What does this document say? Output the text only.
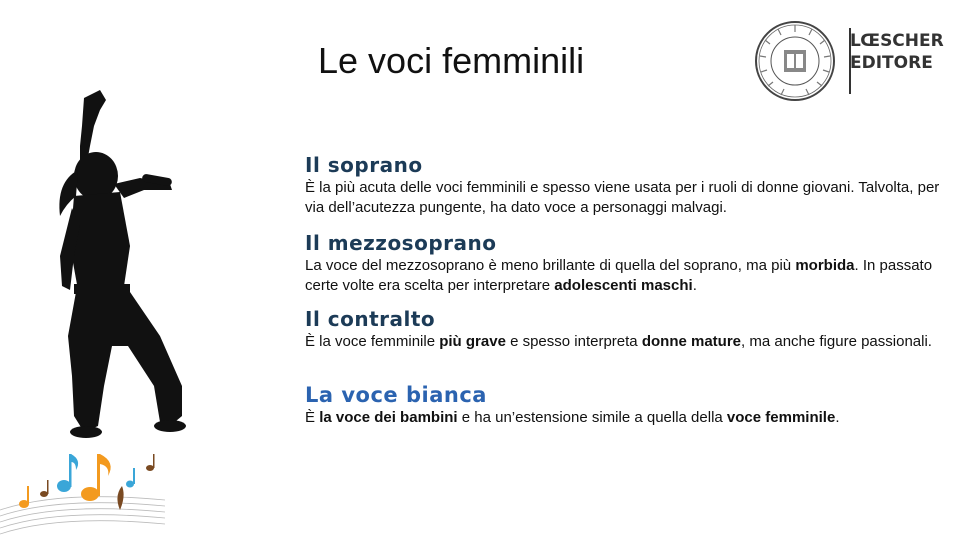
Le voci femminili	LŒSCHER
EDITORE
Il soprano

È la più acuta delle voci femminili e spesso viene usata per i ruoli di donne giovani. Talvolta, per via dell’acutezza pungente, ha dato voce a personaggi malvagi.

Il mezzosoprano

La voce del mezzosoprano è meno brillante di quella del soprano, ma più morbida. In passato certe volte era scelta per interpretare adolescenti maschi.

Il contralto

È la voce femminile più grave e spesso interpreta donne mature, ma anche figure passionali.

La voce bianca

È la voce dei bambini e ha un’estensione simile a quella della voce femminile.
